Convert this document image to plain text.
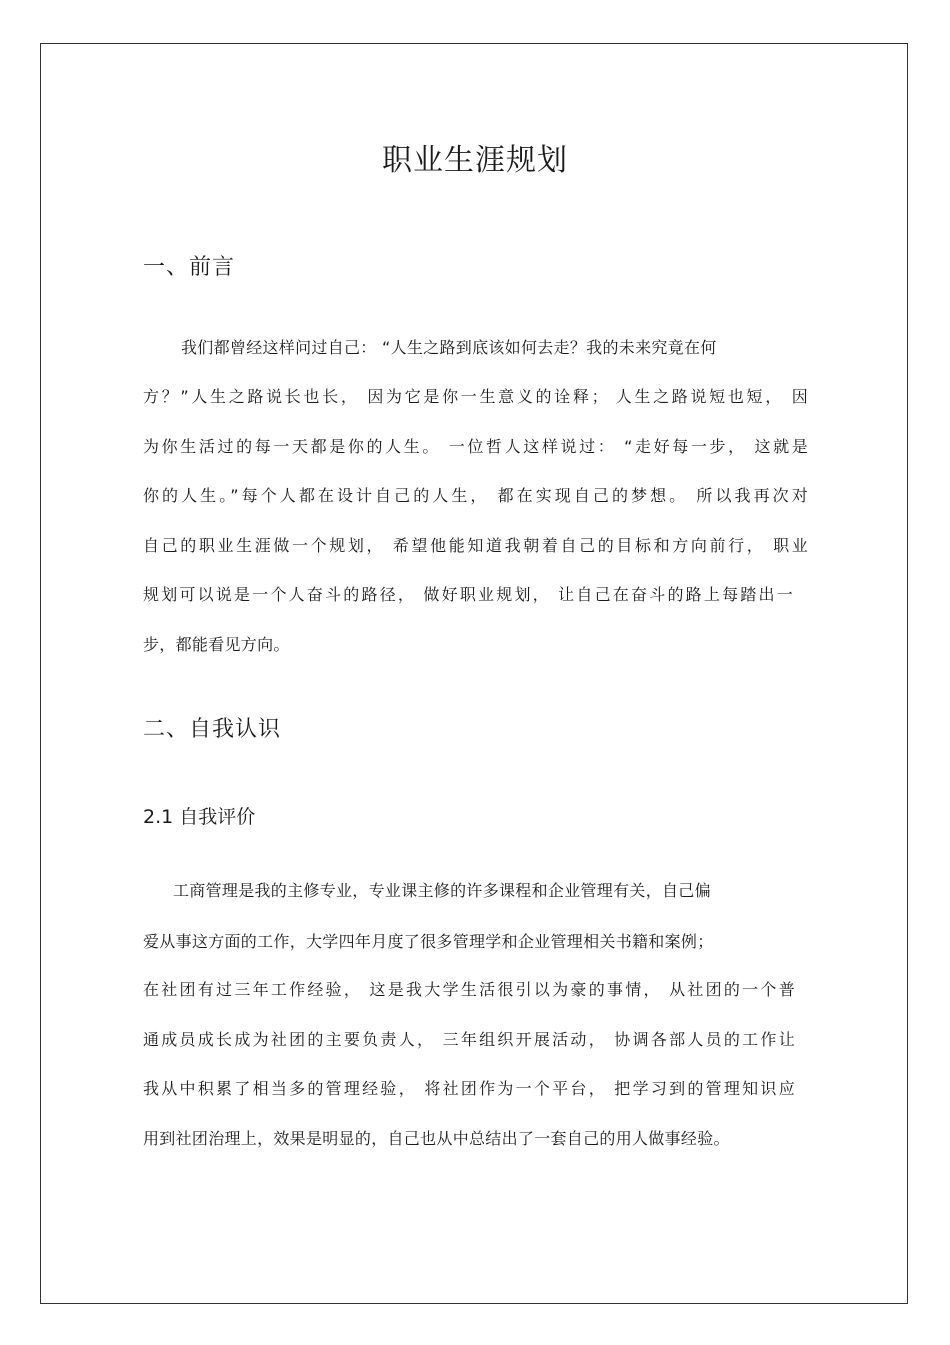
职业生涯规划
一、前言
我们都曾经这样问过自己： “人生之路到底该如何去走？我的未来究竟在何
方？”人生之路说长也长， 因为它是你一生意义的诠释； 人生之路说短也短， 因
为你生活过的每一天都是你的人生。 一位哲人这样说过： “走好每一步， 这就是
你的人生。”每个人都在设计自己的人生， 都在实现自己的梦想。 所以我再次对
自己的职业生涯做一个规划， 希望他能知道我朝着自己的目标和方向前行， 职业
规划可以说是一个人奋斗的路径， 做好职业规划， 让自己在奋斗的路上每踏出一
步，都能看见方向。
二、自我认识
2.1 自我评价
工商管理是我的主修专业，专业课主修的许多课程和企业管理有关，自己偏
爱从事这方面的工作，大学四年月度了很多管理学和企业管理相关书籍和案例；
在社团有过三年工作经验， 这是我大学生活很引以为豪的事情， 从社团的一个普
通成员成长成为社团的主要负责人， 三年组织开展活动， 协调各部人员的工作让
我从中积累了相当多的管理经验， 将社团作为一个平台， 把学习到的管理知识应
用到社团治理上，效果是明显的，自己也从中总结出了一套自己的用人做事经验。
